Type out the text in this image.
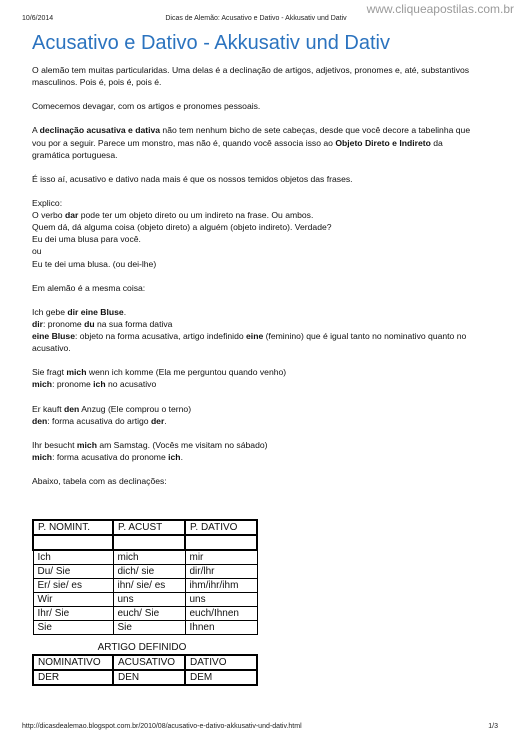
www.cliqueapostilas.com.br
10/6/2014	Dicas de Alemão: Acusativo e Dativo - Akkusativ und Dativ
Acusativo e Dativo - Akkusativ und Dativ

O alemão tem muitas particularidas. Uma delas é a declinação de artigos, adjetivos, pronomes e, até, substantivos masculinos. Pois é, pois é, pois é.

Comecemos devagar, com os artigos e pronomes pessoais.

A declinação acusativa e dativa não tem nenhum bicho de sete cabeças, desde que você decore a tabelinha que vou por a seguir. Parece um monstro, mas não é, quando você associa isso ao Objeto Direto e Indireto da gramática portuguesa.

É isso aí, acusativo e dativo nada mais é que os nossos temidos objetos das frases.

Explico:
O verbo dar pode ter um objeto direto ou um indireto na frase. Ou ambos.
Quem dá, dá alguma coisa (objeto direto) a alguém (objeto indireto). Verdade?
Eu dei uma blusa para você.
ou
Eu te dei uma blusa. (ou dei-lhe)

Em alemão é a mesma coisa:

Ich gebe dir eine Bluse.
dir: pronome du na sua forma dativa
eine Bluse: objeto na forma acusativa, artigo indefinido eine (feminino) que é igual tanto no nominativo quanto no acusativo.

Sie fragt mich wenn ich komme (Ela me perguntou quando venho)
mich: pronome ich no acusativo

Er kauft den Anzug (Ele comprou o terno)
den: forma acusativa do artigo der.

Ihr besucht mich am Samstag. (Vocês me visitam no sábado)
mich: forma acusativa do pronome ich.

Abaixo, tabela com as declinações:

P. NOMINT.	P. ACUST	P. DATIVO

Ich	mich	mir
Du/ Sie	dich/ sie	dir/lhr
Er/ sie/ es	ihn/ sie/ es	ihm/ihr/ihm
Wir	uns	uns
Ihr/ Sie	euch/ Sie	euch/Ihnen
Sie	Sie	Ihnen
ARTIGO DEFINIDO
NOMINATIVO	ACUSATIVO	DATIVO
DER	DEN	DEM
http://dicasdealemao.blogspot.com.br/2010/08/acusativo-e-dativo-akkusativ-und-dativ.html	1/3
